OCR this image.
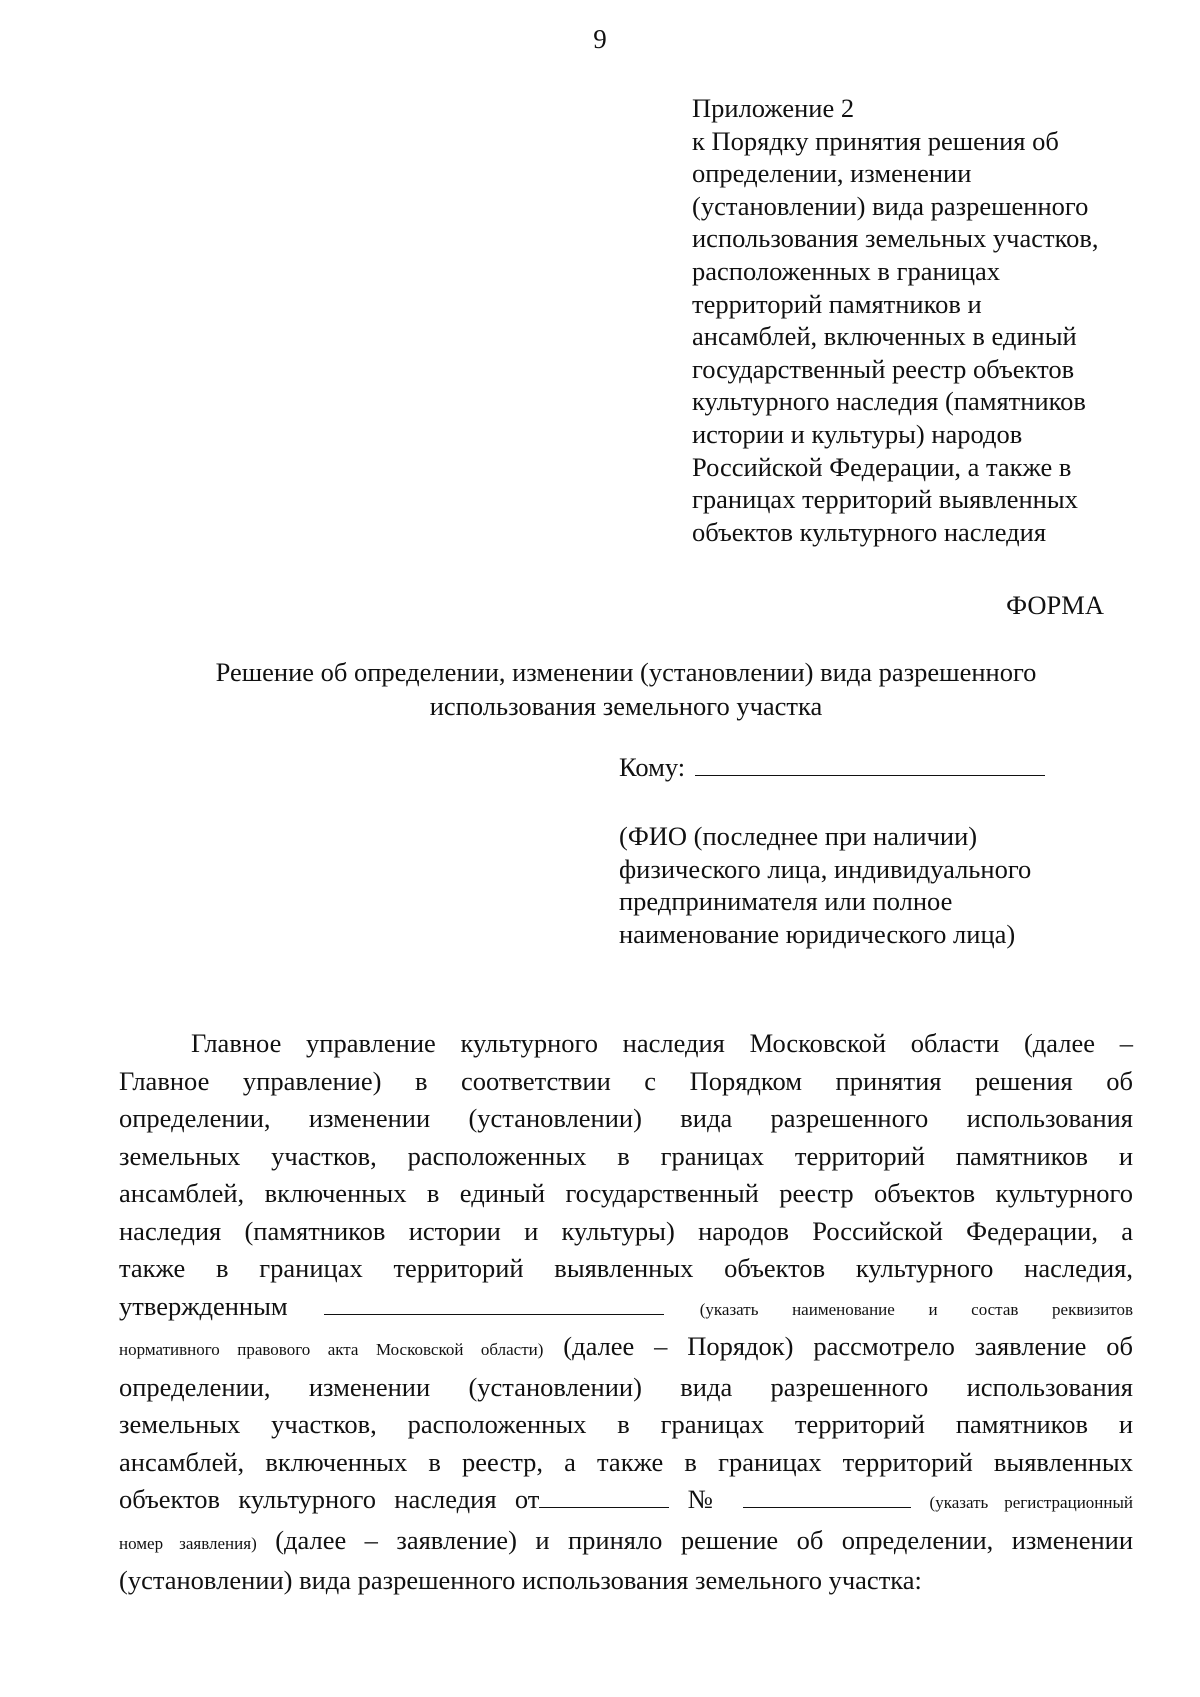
9
Приложение 2
к Порядку принятия решения об
определении, изменении
(установлении) вида разрешенного
использования земельных участков,
расположенных в границах
территорий памятников и
ансамблей, включенных в единый
государственный реестр объектов
культурного наследия (памятников
истории и культуры) народов
Российской Федерации, а также в
границах территорий выявленных
объектов культурного наследия
ФОРМА
Решение об определении, изменении (установлении) вида разрешенного
использования земельного участка
Кому:
(ФИО (последнее при наличии)
физического лица, индивидуального
предпринимателя или полное
наименование юридического лица)
Главное управление культурного наследия Московской области (далее –
Главное управление) в соответствии с Порядком принятия решения об
определении, изменении (установлении) вида разрешенного использования
земельных участков, расположенных в границах территорий памятников и
ансамблей, включенных в единый государственный реестр объектов культурного
наследия (памятников истории и культуры) народов Российской Федерации, а
также в границах территорий выявленных объектов культурного наследия,
утвержденным	(указать наименование и состав реквизитов
нормативного правового акта Московской области) (далее – Порядок) рассмотрело заявление об
определении, изменении (установлении) вида разрешенного использования
земельных участков, расположенных в границах территорий памятников и
ансамблей, включенных в реестр, а также в границах территорий выявленных
объектов культурного наследия от	№	(указать регистрационный
номер заявления) (далее – заявление) и приняло решение об определении, изменении
(установлении) вида разрешенного использования земельного участка:
